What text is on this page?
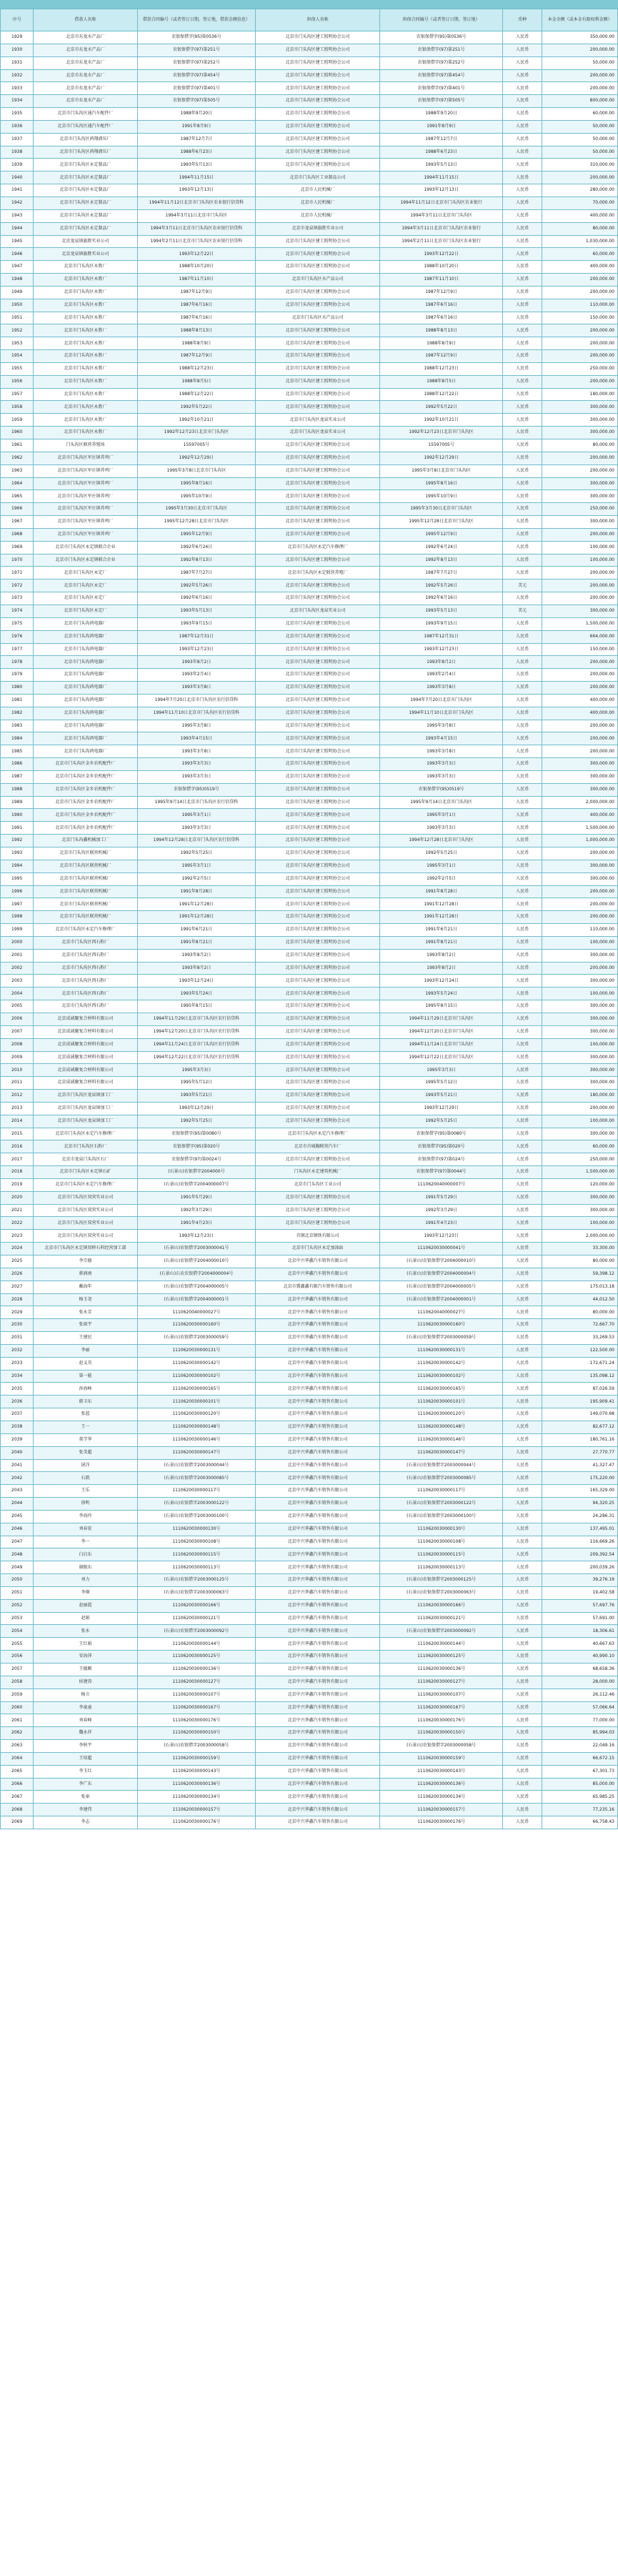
序号	借款人名称	借款合同编号（或者签订日期，签订地，借款金额信息）	担保人名称	担保合同编号（或者签订日期，签订地）	币种	本金余额（或本金有限权利金额）
1929	北京市东龙水产品厂	农银保借字(95)第0536号	北京市门头沟区建工照明协会公司	农银保借字(95)第0536号	人民币	350,000.00
1930	北京市东龙水产品厂	农银保借字(97)第251号	北京市门头沟区建工照明协会公司	农银保借字(97)第251号	人民币	200,000.00
1931	北京市东龙水产品厂	农银保借字(97)第252号	北京市门头沟区建工照明协会公司	农银保借字(97)第252号	人民币	50,000.00
1932	北京市东龙水产品厂	农银保借字(97)第454号	北京市门头沟区建工照明协会公司	农银保借字(97)第454号	人民币	200,000.00
1933	北京市东龙水产品厂	农银保借字(97)第401号	北京市门头沟区建工照明协会公司	农银保借字(97)第401号	人民币	200,000.00
1934	北京市东龙水产品厂	农银保借字(97)第505号	北京市门头沟区建工照明协会公司	农银保借字(97)第505号	人民币	800,000.00
1935	北京市门头沟区通汽车配件厂	1988年9月20日	北京市门头沟区建工照明协会公司	1988年9月20日	人民币	60,000.00
1936	北京市门头沟区通汽车配件厂	1991年8月9日	北京市门头沟区建工照明协会公司	1991年8月9日	人民币	50,000.00
1937	北京市门头沟区鸿翔液压厂	1987年12月7日	北京市门头沟区建工照明协会公司	1987年12月7日	人民币	50,000.00
1938	北京市门头沟区鸿翔液压厂	1988年6月23日	北京市门头沟区建工照明协会公司	1988年6月23日	人民币	50,000.00
1939	北京市门头沟区永定制品厂	1993年5月13日	北京市门头沟区建工照明协会公司	1993年5月13日	人民币	310,000.00
1940	北京市门头沟区永定制品厂	1994年11月15日	北京市门头沟区工业制品公司	1994年11月15日	人民币	200,000.00
1941	北京市门头沟区永定制品厂	1993年12月13日	北京市人民机械厂	1993年12月13日	人民币	280,000.00
1942	北京市门头沟区永定制品厂	1994年11月12日北京市门头沟区农业银行信贷科	北京市人民机械厂	1994年11月12日北京市门头沟区农业银行	人民币	70,000.00
1943	北京市门头沟区永定制品厂	1994年3月11日北京市门头沟区	北京市人民机械厂	1994年3月11日北京市门头沟区	人民币	400,000.00
1944	北京市门头沟区永定制品厂	1994年3月11日北京市门头沟区农业银行信贷科	北京市龙泉镇旗胜实业公司	1994年3月11日北京市门头沟区农业银行	人民币	80,000.00
1945	北京龙泉镇旗胜实业公司	1994年2月11日北京市门头沟区农业银行信贷科	北京市门头沟区建工照明协会公司	1994年2月11日北京市门头沟区农业银行	人民币	1,030,000.00
1946	北京龙泉镇旗胜实业公司	1993年12月22日	北京市门头沟区建工照明协会公司	1993年12月22日	人民币	60,000.00
1947	北京市门头沟区永胜厂	1988年10月20日	北京市门头沟区建工照明协会公司	1988年10月20日	人民币	400,000.00
1948	北京市门头沟区永胜厂	1987年11月10日	北京市门头沟区水产品公司	1987年11月10日	人民币	200,000.00
1949	北京市门头沟区永胜厂	1987年12月9日	北京市门头沟区建工照明协会公司	1987年12月9日	人民币	200,000.00
1950	北京市门头沟区永胜厂	1987年6月16日	北京市门头沟区建工照明协会公司	1987年6月16日	人民币	110,000.00
1951	北京市门头沟区永胜厂	1987年6月16日	北京市门头沟区水产品公司	1987年6月16日	人民币	150,000.00
1952	北京市门头沟区永胜厂	1988年8月13日	北京市门头沟区建工照明协会公司	1988年8月13日	人民币	200,000.00
1953	北京市门头沟区永胜厂	1988年8月9日	北京市门头沟区建工照明协会公司	1988年8月9日	人民币	200,000.00
1954	北京市门头沟区永胜厂	1987年12月9日	北京市门头沟区建工照明协会公司	1987年12月9日	人民币	200,000.00
1955	北京市门头沟区永胜厂	1988年12月23日	北京市门头沟区建工照明协会公司	1988年12月23日	人民币	250,000.00
1956	北京市门头沟区永胜厂	1988年8月5日	北京市门头沟区建工照明协会公司	1988年8月5日	人民币	200,000.00
1957	北京市门头沟区永胜厂	1988年12月22日	北京市门头沟区建工照明协会公司	1988年12月22日	人民币	180,000.00
1958	北京市门头沟区永胜厂	1992年5月22日	北京市门头沟区建工照明协会公司	1992年5月22日	人民币	300,000.00
1959	北京市门头沟区永胜厂	1992年10月21日	北京市门头沟区龙泉实业公司	1992年10月21日	人民币	300,000.00
1960	北京市门头沟区永胜厂	1992年12月23日北京市门头沟区	北京市门头沟区龙泉实业公司	1992年12月23日北京市门头沟区	人民币	300,000.00
1961	门头沟区联营养殖场	15597005号	北京市门头沟区建工照明协会公司	15597005号	人民币	80,000.00
1962	北京市门头沟区军庄镇养鸡厂	1992年12月29日	北京市门头沟区建工照明协会公司	1992年12月29日	人民币	200,000.00
1963	北京市门头沟区军庄镇养鸡厂	1995年3月8日北京市门头沟区	北京市门头沟区建工照明协会公司	1995年3月8日北京市门头沟区	人民币	200,000.00
1964	北京市门头沟区军庄镇养鸡厂	1995年8月16日	北京市门头沟区建工照明协会公司	1995年8月16日	人民币	300,000.00
1965	北京市门头沟区军庄镇养鸡厂	1995年10月9日	北京市门头沟区建工照明协会公司	1995年10月9日	人民币	300,000.00
1966	北京市门头沟区军庄镇养鸡厂	1995年3月30日北京市门头沟区	北京市门头沟区建工照明协会公司	1995年3月30日北京市门头沟区	人民币	250,000.00
1967	北京市门头沟区军庄镇养鸡厂	1995年12月28日北京市门头沟区	北京市门头沟区建工照明协会公司	1995年12月28日北京市门头沟区	人民币	300,000.00
1968	北京市门头沟区军庄镇养鸡厂	1995年12月9日	北京市门头沟区建工照明协会公司	1995年12月9日	人民币	200,000.00
1969	北京市门头沟区永定镇联合企业	1992年6月24日	北京市门头沟区永定汽车修理厂	1992年6月24日	人民币	100,000.00
1970	北京市门头沟区永定镇联合企业	1992年8月13日	北京市门头沟区建工照明协会公司	1992年8月13日	人民币	100,000.00
1971	北京市门头沟区永定厂	1987年7月27日	北京市门头沟区永定联营养殖厂	1987年7月27日	人民币	200,000.00
1972	北京市门头沟区永定厂	1992年5月26日	北京市门头沟区建工照明协会公司	1992年5月26日	美元	200,000.00
1973	北京市门头沟区永定厂	1992年6月16日	北京市门头沟区建工照明协会公司	1992年6月16日	人民币	200,000.00
1974	北京市门头沟区永定厂	1993年5月13日	北京市门头沟区龙泉实业公司	1993年5月13日	美元	300,000.00
1975	北京市门头沟鸿电器厂	1993年9月15日	北京市门头沟区建工照明协会公司	1993年9月15日	人民币	1,500,000.00
1976	北京市门头沟鸿电器厂	1987年12月31日	北京市门头沟区建工照明协会公司	1987年12月31日	人民币	664,000.00
1977	北京市门头沟鸿电器厂	1993年12月23日	北京市门头沟区建工照明协会公司	1993年12月23日	人民币	150,000.00
1978	北京市门头沟鸿电器厂	1993年8月2日	北京市门头沟区建工照明协会公司	1993年8月2日	人民币	200,000.00
1979	北京市门头沟鸿电器厂	1993年2月4日	北京市门头沟区建工照明协会公司	1993年2月4日	人民币	200,000.00
1980	北京市门头沟鸿电器厂	1993年3月8日	北京市门头沟区建工照明协会公司	1993年3月8日	人民币	200,000.00
1981	北京市门头沟鸿电器厂	1994年7月20日北京市门头沟区农行信贷科	北京市门头沟区建工照明协会公司	1994年7月20日北京市门头沟区	人民币	400,000.00
1982	北京市门头沟鸿电器厂	1994年11月10日北京市门头沟区农行信贷科	北京市门头沟区建工照明协会公司	1994年11月10日北京市门头沟区	人民币	400,000.00
1983	北京市门头沟鸿电器厂	1995年3月8日	北京市门头沟区建工照明协会公司	1995年3月8日	人民币	200,000.00
1984	北京市门头沟鸿电器厂	1993年4月15日	北京市门头沟区建工照明协会公司	1993年4月15日	人民币	200,000.00
1985	北京市门头沟鸿电器厂	1993年3月8日	北京市门头沟区建工照明协会公司	1993年3月8日	人民币	200,000.00
1986	北京市门头沟区金乡农机配件厂	1993年3月3日	北京市门头沟区建工照明协会公司	1993年3月3日	人民币	300,000.00
1987	北京市门头沟区金乡农机配件厂	1993年3月3日	北京市门头沟区建工照明协会公司	1993年3月3日	人民币	300,000.00
1988	北京市门头沟区金乡农机配件厂	农银保借字(95)0519号	北京市门头沟区建工照明协会公司	农银保借字(95)0519号	人民币	300,000.00
1989	北京市门头沟区金乡农机配件厂	1995年9月14日北京市门头沟区农行信贷科	北京市门头沟区建工照明协会公司	1995年9月14日北京市门头沟区	人民币	2,000,000.00
1990	北京市门头沟区金乡农机配件厂	1995年3月1日	北京市门头沟区建工照明协会公司	1995年3月1日	人民币	400,000.00
1991	北京市门头沟区金乡农机配件厂	1993年3月3日	北京市门头沟区建工照明协会公司	1993年3月3日	人民币	1,500,000.00
1992	北京门头沟鑫机械加工厂	1994年12月28日北京市门头沟区农行信贷科	北京市门头沟区建工照明协会公司	1994年12月28日北京市门头沟区	人民币	1,000,000.00
1993	北京市门头沟区联营机械厂	1992年5月25日	北京市门头沟区建工照明协会公司	1992年5月25日	人民币	200,000.00
1994	北京市门头沟区联营机械厂	1995年3月1日	北京市门头沟区建工照明协会公司	1995年3月1日	人民币	300,000.00
1995	北京市门头沟区联营机械厂	1992年2月5日	北京市门头沟区建工照明协会公司	1992年2月5日	人民币	300,000.00
1996	北京市门头沟区联营机械厂	1991年8月28日	北京市门头沟区建工照明协会公司	1991年8月28日	人民币	200,000.00
1997	北京市门头沟区联营机械厂	1991年12月28日	北京市门头沟区建工照明协会公司	1991年12月28日	人民币	200,000.00
1998	北京市门头沟区联营机械厂	1991年12月28日	北京市门头沟区建工照明协会公司	1991年12月28日	人民币	200,000.00
1999	北京市门头沟区永定汽车修理厂	1991年6月21日	北京市门头沟区建工照明协会公司	1991年6月21日	人民币	110,000.00
2000	北京市门头沟区西石粉厂	1991年8月21日	北京市门头沟区建工照明协会公司	1991年8月21日	人民币	100,000.00
2001	北京市门头沟区西石粉厂	1993年8月2日	北京市门头沟区建工照明协会公司	1993年8月2日	人民币	300,000.00
2002	北京市门头沟区西石粉厂	1993年8月2日	北京市门头沟区建工照明协会公司	1993年8月2日	人民币	200,000.00
2003	北京市门头沟区西石粉厂	1993年12月24日	北京市门头沟区建工照明协会公司	1993年12月24日	人民币	300,000.00
2004	北京市门头沟区西石粉厂	1993年5月24日	北京市门头沟区建工照明协会公司	1993年5月24日	人民币	100,000.00
2005	北京市门头沟区西石粉厂	1995年8月15日	北京市门头沟区建工照明协会公司	1995年8月15日	人民币	300,000.00
2006	北京成诚聚复合材料有限公司	1994年11月29日北京市门头沟区农行信贷科	北京市门头沟区建工照明协会公司	1994年11月29日北京市门头沟区	人民币	300,000.00
2007	北京成诚聚复合材料有限公司	1994年12月20日北京市门头沟区农行信贷科	北京市门头沟区建工照明协会公司	1994年12月20日北京市门头沟区	人民币	300,000.00
2008	北京成诚聚复合材料有限公司	1994年11月24日北京市门头沟区农行信贷科	北京市门头沟区建工照明协会公司	1994年11月24日北京市门头沟区	人民币	100,000.00
2009	北京成诚聚复合材料有限公司	1994年12月22日北京市门头沟区农行信贷科	北京市门头沟区建工照明协会公司	1994年12月22日北京市门头沟区	人民币	300,000.00
2010	北京成诚聚复合材料有限公司	1995年3月3日	北京市门头沟区建工照明协会公司	1995年3月3日	人民币	300,000.00
2011	北京成诚聚复合材料有限公司	1995年5月12日	北京市门头沟区建工照明协会公司	1995年5月12日	人民币	300,000.00
2012	北京市门头沟区龙泉镇加工厂	1993年5月21日	北京市门头沟区建工照明协会公司	1993年5月21日	人民币	180,000.00
2013	北京市门头沟区龙泉镇加工厂	1993年12月29日	北京市门头沟区建工照明协会公司	1993年12月29日	人民币	200,000.00
2014	北京市门头沟区龙泉镇加工厂	1992年5月25日	北京市门头沟区建工照明协会公司	1992年5月25日	人民币	100,000.00
2015	北京市门头沟区永定汽车修理厂	农银保借字(95)第0080号	北京市门头沟区永定汽车修理厂	农银保借字(95)第0080号	人民币	300,000.00
2016	北京市门头沟区石粉厂	农银保借字(95)第020号	北京市古城胸联营汽车厂	农银保借字(95)第020号	人民币	60,000.00
2017	北京市龙泉门头沟区石厂	农银保借字(97)第0024号	北京市门头沟区建工照明协会公司	农银保借字(97)第024号	人民币	250,000.00
2018	北京市门头沟区永定镇石矿	(石景山)农银借字2004000号	门头沟区永定建筑机械厂	农银保借字(97)第0044号	人民币	1,500,000.00
2019	北京市门头沟区永定汽车修理厂	(石景山)农银借字2004000007号	北京市门头沟区工业公司	1110620040000007号	人民币	120,000.00
2020	北京市门头沟区双营实业公司	1991年5月29日	北京市门头沟区建工照明协会公司	1991年5月29日	人民币	300,000.00
2021	北京市门头沟区双营实业公司	1992年3月29日	北京市门头沟区建工照明协会公司	1992年3月29日	人民币	300,000.00
2022	北京市门头沟区双营实业公司	1991年4月23日	北京市门头沟区建工照明协会公司	1991年4月23日	人民币	100,000.00
2023	北京市门头沟区双营实业公司	1993年12月23日	首钢北京钢铁有限公司	1993年12月23日	人民币	2,000,000.00
2024	北京市门头沟区永定镇双桥石料经营加工部	(石景山)农银借字2003000041号	北京市门头沟区永定加油站	1110620030000041号	人民币	33,300.00
2025	李宗德	(石景山)农银借字2004000010号	北京中兴华鑫汽车销售有限公司	(石景山)农银保借字2004000010号	人民币	80,000.00
2026	蒋润南	(石景山)石农农银借字2004000004号	北京中兴华鑫汽车销售有限公司	(石景山)农银保借字2004000004号	人民币	59,398.12
2027	戴海年	(石景山)农银借字2004000005号	北京市冀鑫鑫有限汽车销售有限公司	(石景山)农银保借字2004000005号	人民币	175,013.18
2028	杨玉尧	(石景山)农银借字2004000001号	北京中兴华鑫汽车销售有限公司	(石景山)农银保借字2004000001号	人民币	44,012.50
2029	张永芳	1110620040000027号	北京中兴华鑫汽车销售有限公司	1110620040000027号	人民币	80,000.00
2030	张雨宇	1110620030000160号	北京中兴华鑫汽车销售有限公司	1110620030000160号	人民币	72,667.70
2031	王建民	(石景山)农银借字2003000059号	北京中兴华鑫汽车销售有限公司	(石景山)农银保借字2003000059号	人民币	33,269.53
2032	李丽	1110620030000131号	北京中兴华鑫汽车销售有限公司	1110620030000131号	人民币	122,500.00
2033	赵义英	1110620030000142号	北京中兴华鑫汽车销售有限公司	1110620030000142号	人民币	172,671.24
2034	第一能	1110620030000102号	北京中兴华鑫汽车销售有限公司	1110620030000102号	人民币	135,098.12
2035	孙海峰	1110620030000165号	北京中兴华鑫汽车销售有限公司	1110620030000165号	人民币	87,026.59
2036	韩卫东	1110620030000101号	北京中兴华鑫汽车销售有限公司	1110620030000101号	人民币	195,909.41
2037	张蓝	1110620030000120号	北京中兴华鑫汽车销售有限公司	1110620030000120号	人民币	149,070.68
2038	王一	1110620030000148号	北京中兴华鑫汽车销售有限公司	1110620030000148号	人民币	82,677.12
2039	董学华	1110620030000146号	北京中兴华鑫汽车销售有限公司	1110620030000146号	人民币	180,761.16
2040	张美超	1110620030000147号	北京中兴华鑫汽车销售有限公司	1110620030000147号	人民币	27,770.77
2041	屠洋	(石景山)农银借字2003000044号	北京中兴华鑫汽车销售有限公司	(石景山)农银保借字2003000044号	人民币	41,327.47
2042	石凯	(石景山)农银借字2003000085号	北京中兴华鑫汽车销售有限公司	(石景山)农银保借字2003000085号	人民币	175,220.00
2043	王乐	1110620030000117号	北京中兴华鑫汽车销售有限公司	1110620030000117号	人民币	165,329.00
2044	徐明	(石景山)农银借字2003000122号	北京中兴华鑫汽车销售有限公司	(石景山)农银保借字2003000122号	人民币	94,320.25
2045	李海玲	(石景山)农银借字2003000100号	北京中兴华鑫汽车销售有限公司	(石景山)农银保借字2003000100号	人民币	24,286.31
2046	刘春宏	1110620030000130号	北京中兴华鑫汽车销售有限公司	1110620030000130号	人民币	137,495.01
2047	李一	1110620030000108号	北京中兴华鑫汽车销售有限公司	1110620030000108号	人民币	116,669.26
2048	白启东	1110620030000115号	北京中兴华鑫汽车销售有限公司	1110620030000115号	人民币	209,392.54
2049	谢振东	1110620030000113号	北京中兴华鑫汽车销售有限公司	1110620030000113号	人民币	200,039.26
2050	刘力	(石景山)农银借字2003000125号	北京中兴华鑫汽车销售有限公司	(石景山)农银保借字2003000125号	人民币	39,276.19
2051	李炯	(石景山)农银借字2003000063号	北京中兴华鑫汽车销售有限公司	(石景山)农银保借字2003000063号	人民币	19,402.58
2052	赵丽霞	1110620030000166号	北京中兴华鑫汽车销售有限公司	1110620030000166号	人民币	57,697.76
2053	赵娟	1110620030000121号	北京中兴华鑫汽车销售有限公司	1110620030000121号	人民币	57,691.00
2054	张永	(石景山)农银借字2003000092号	北京中兴华鑫汽车销售有限公司	(石景山)农银保借字2003000092号	人民币	18,306.61
2055	王红娟	1110620030000144号	北京中兴华鑫汽车销售有限公司	1110620030000144号	人民币	40,667.63
2056	安海萍	1110620030000125号	北京中兴华鑫汽车销售有限公司	1110620030000125号	人民币	40,990.10
2057	王德顺	1110620030000136号	北京中兴华鑫汽车销售有限公司	1110620030000136号	人民币	68,658.36
2058	侯建涛	1110620030000127号	北京中兴华鑫汽车销售有限公司	1110620030000127号	人民币	28,000.00
2059	杨立	1110620030000107号	北京中兴华鑫汽车销售有限公司	1110620030000107号	人民币	26,112.46
2060	李童童	1110620030000167号	北京中兴华鑫汽车销售有限公司	1110620030000167号	人民币	57,066.64
2061	刘春峰	1110620030000176号	北京中兴华鑫汽车销售有限公司	1110620030000176号	人民币	77,000.00
2062	魏永祥	1110620030000150号	北京中兴华鑫汽车销售有限公司	1110620030000150号	人民币	85,994.03
2063	李秋宇	(石景山)农银借字2003000058号	北京中兴华鑫汽车销售有限公司	(石景山)农银保借字2003000058号	人民币	22,049.16
2064	王培超	1110620030000159号	北京中兴华鑫汽车销售有限公司	1110620030000159号	人民币	66,672.15
2065	李玉红	1110620030000143号	北京中兴华鑫汽车销售有限公司	1110620030000143号	人民币	67,301.73
2066	李广东	1110620030000136号	北京中兴华鑫汽车销售有限公司	1110620030000136号	人民币	85,000.00
2067	张奉	1110620030000134号	北京中兴华鑫汽车销售有限公司	1110620030000134号	人民币	65,985.25
2068	李建伟	1110620030000157号	北京中兴华鑫汽车销售有限公司	1110620030000157号	人民币	77,235.16
2069	李志	1110620030000176号	北京中兴华鑫汽车销售有限公司	1110620030000176号	人民币	66,758.43
